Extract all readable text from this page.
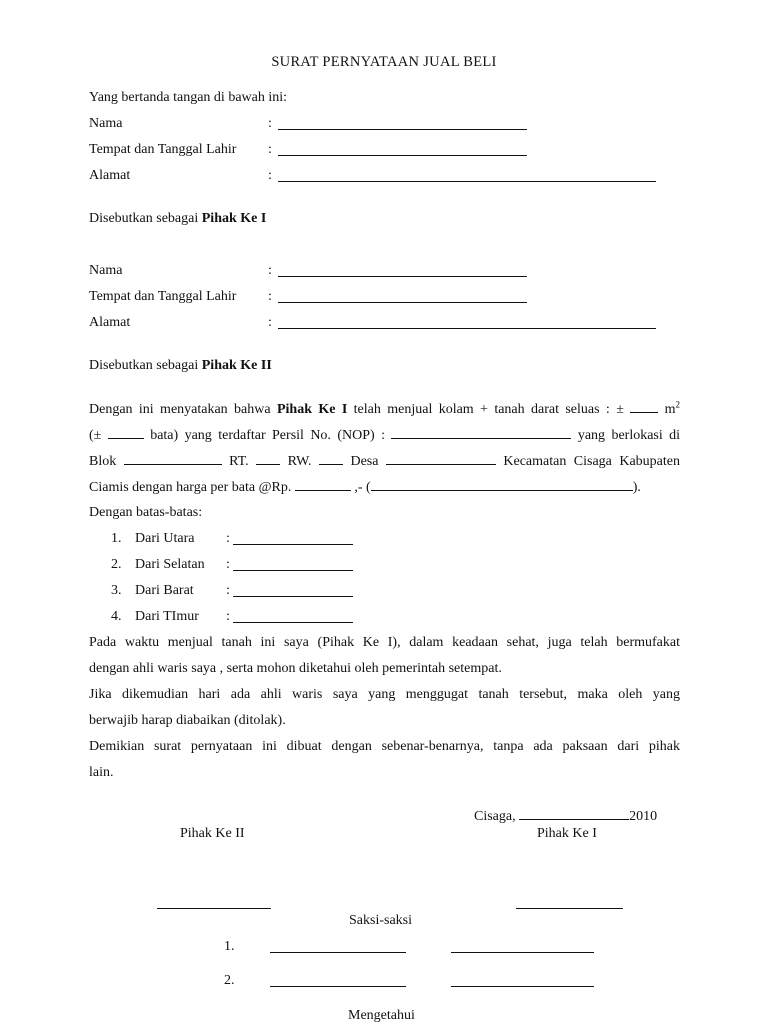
SURAT PERNYATAAN JUAL BELI
Yang bertanda tangan di bawah ini:
Nama	:
Tempat dan Tanggal Lahir :
Alamat	:
Disebutkan sebagai Pihak Ke I
Nama	:
Tempat dan Tanggal Lahir :
Alamat	:
Disebutkan sebagai Pihak Ke II
Dengan ini menyatakan bahwa Pihak Ke I telah menjual kolam + tanah darat seluas : ±	$m^2$
(±	bata) yang terdaftar Persil No. (NOP) :	yang berlokasi di
Blok	RT.	RW.	Desa	Kecamatan Cisaga Kabupaten
Ciamis dengan harga per bata @Rp.	,- (	).
Dengan batas-batas:
1. Dari Utara :
2. Dari Selatan :
3. Dari Barat :
4. Dari TImur :
Pada waktu menjual tanah ini saya (Pihak Ke I), dalam keadaan sehat, juga telah bermufakat
dengan ahli waris saya , serta mohon diketahui oleh pemerintah setempat.
Jika dikemudian hari ada ahli waris saya yang menggugat tanah tersebut, maka oleh yang
berwajib harap diabaikan (ditolak).
Demikian surat pernyataan ini dibuat dengan sebenar-benarnya, tanpa ada paksaan dari pihak
lain.
Cisaga,	2010
Pihak Ke II	Pihak Ke I
Saksi-saksi
1.
2.
Mengetahui
